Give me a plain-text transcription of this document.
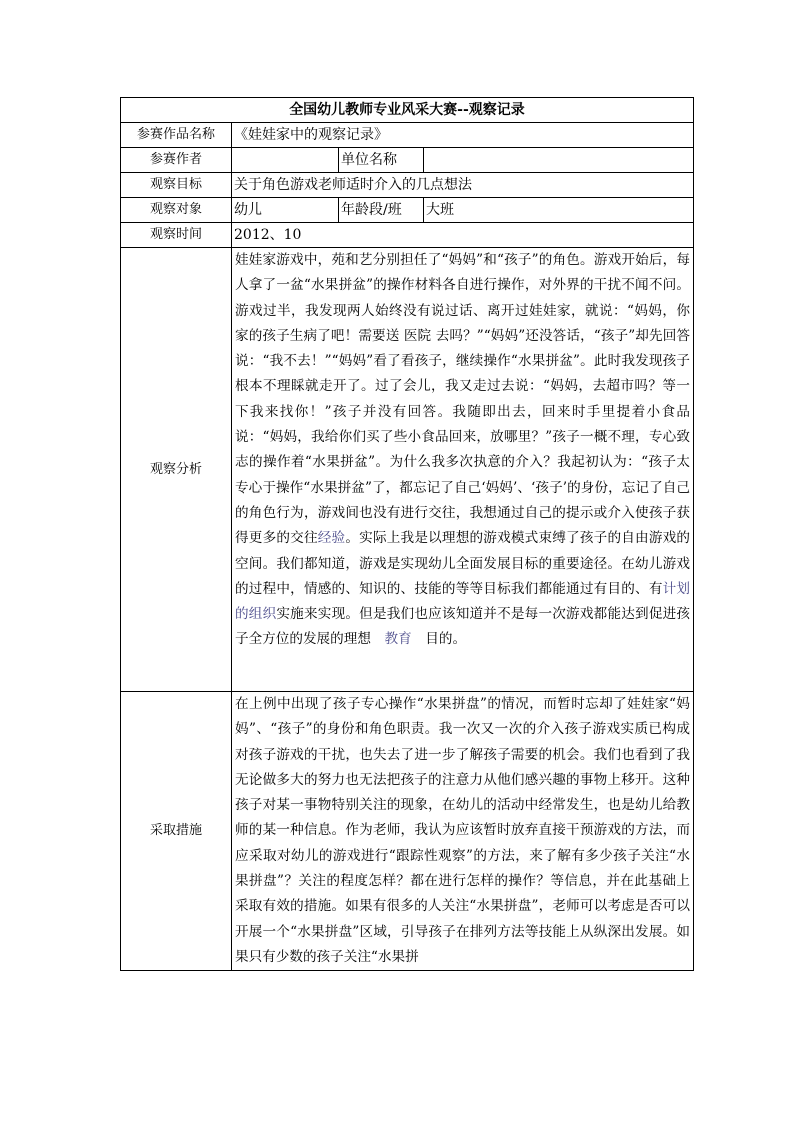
全国幼儿教师专业风采大赛--观察记录			
参赛作品名称	《娃娃家中的观察记录》		
参赛作者		单位名称	
观察目标	关于角色游戏老师适时介入的几点想法		
观察对象	幼儿	年龄段/班	大班
观察时间	2012、10		
观察分析	娃娃家游戏中，苑和艺分别担任了“妈妈”和“孩子”的角色。游戏开始后，每人拿了一盆“水果拼盆”的操作材料各自进行操作，对外界的干扰不闻不问。游戏过半，我发现两人始终没有说过话、离开过娃娃家，就说：“妈妈，你家的孩子生病了吧！需要送 医院 去吗？”“妈妈”还没答话，“孩子”却先回答说：“我不去！”“妈妈”看了看孩子，继续操作“水果拼盆”。此时我发现孩子根本不理睬就走开了。过了会儿，我又走过去说：“妈妈，去超市吗？等一下我来找你！”孩子并没有回答。我随即出去，回来时手里提着小食品说：“妈妈，我给你们买了些小食品回来，放哪里？”孩子一概不理，专心致志的操作着“水果拼盆”。为什么我多次执意的介入？我起初认为：“孩子太专心于操作“水果拼盆”了，都忘记了自己‘妈妈’、‘孩子’的身份，忘记了自己的角色行为，游戏间也没有进行交往，我想通过自己的提示或介入使孩子获得更多的交往经验。实际上我是以理想的游戏模式束缚了孩子的自由游戏的空间。我们都知道，游戏是实现幼儿全面发展目标的重要途径。在幼儿游戏的过程中，情感的、知识的、技能的等等目标我们都能通过有目的、有计划的组织实施来实现。但是我们也应该知道并不是每一次游戏都能达到促进孩子全方位的发展的理想　教育　目的。		
采取措施	在上例中出现了孩子专心操作“水果拼盘”的情况，而暂时忘却了娃娃家“妈妈”、“孩子”的身份和角色职责。我一次又一次的介入孩子游戏实质已构成对孩子游戏的干扰，也失去了进一步了解孩子需要的机会。我们也看到了我无论做多大的努力也无法把孩子的注意力从他们感兴趣的事物上移开。这种孩子对某一事物特别关注的现象，在幼儿的活动中经常发生，也是幼儿给教师的某一种信息。作为老师，我认为应该暂时放弃直接干预游戏的方法，而应采取对幼儿的游戏进行“跟踪性观察”的方法，来了解有多少孩子关注“水果拼盘”？关注的程度怎样？都在进行怎样的操作？等信息，并在此基础上采取有效的措施。如果有很多的人关注“水果拼盘”，老师可以考虑是否可以开展一个“水果拼盘”区域，引导孩子在排列方法等技能上从纵深出发展。如果只有少数的孩子关注“水果拼		
